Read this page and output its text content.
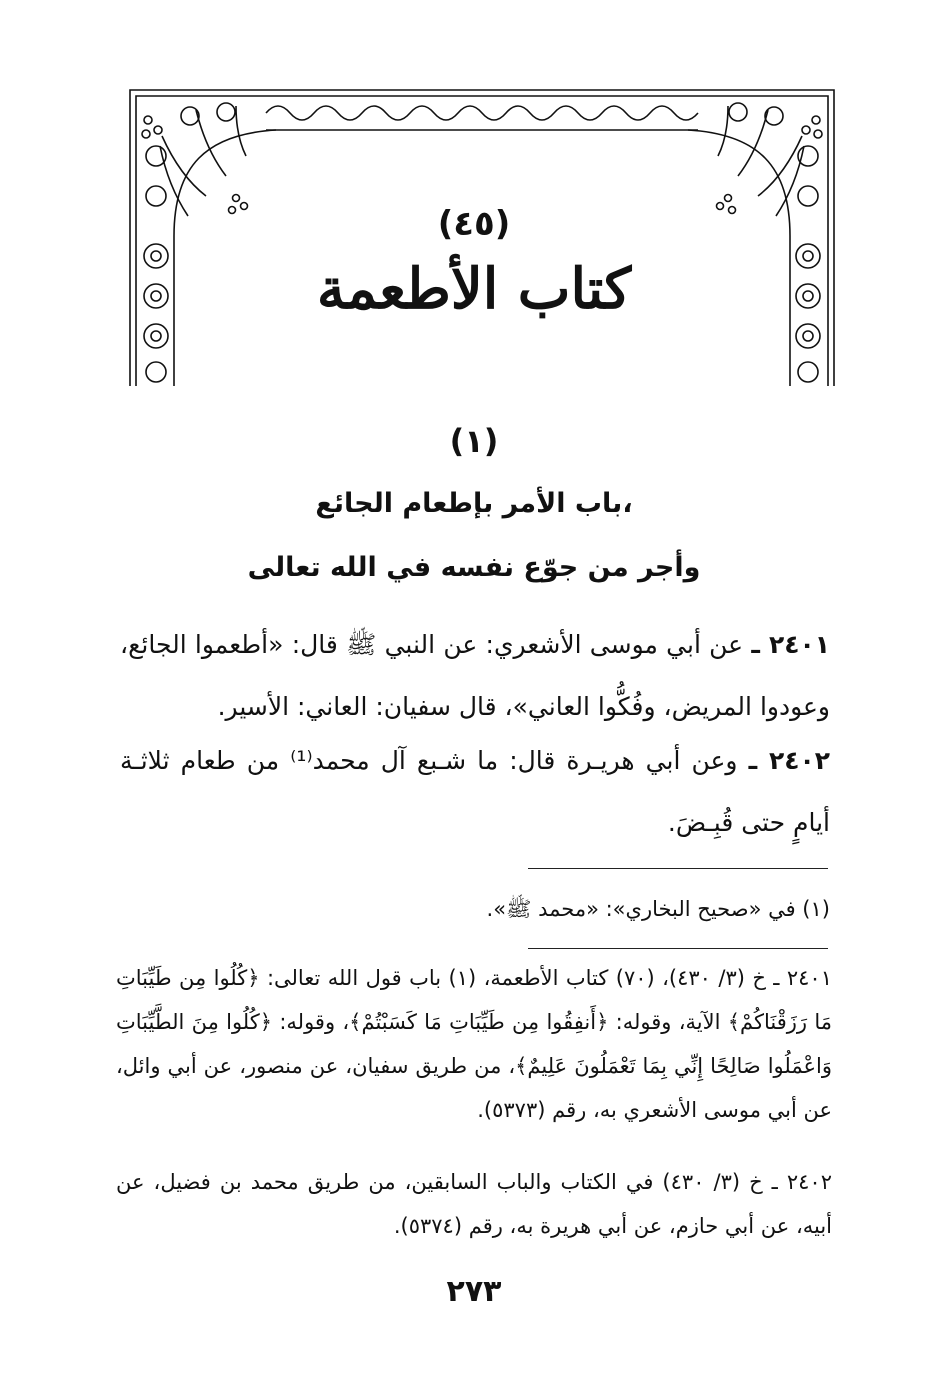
(٤٥)
كتاب الأطعمة
(١)
باب الأمر بإطعام الجائع،
وأجر من جوّع نفسه في الله تعالى
٢٤٠١ ـ عن أبي موسى الأشعري: عن النبي ﷺ قال: «أطعموا الجائع، وعودوا المريض، وفُكُّوا العاني»، قال سفيان: العاني: الأسير.
٢٤٠٢ ـ وعن أبي هريـرة قال: ما شـبع آل محمد⁽¹⁾ من طعام ثلاثـة أيامٍ حتى قُبِـضَ.
(١) في «صحيح البخاري»: «محمد ﷺ».
٢٤٠١ ـ خ (٣/ ٤٣٠)، (٧٠) كتاب الأطعمة، (١) باب قول الله تعالى: ﴿كُلُوا مِن طَيِّبَاتِ مَا رَزَقْنَاكُمْ﴾ الآية، وقوله: ﴿أَنفِقُوا مِن طَيِّبَاتِ مَا كَسَبْتُمْ﴾، وقوله: ﴿كُلُوا مِنَ الطَّيِّبَاتِ وَاعْمَلُوا صَالِحًا إِنِّي بِمَا تَعْمَلُونَ عَلِيمٌ﴾، من طريق سفيان، عن منصور، عن أبي وائل، عن أبي موسى الأشعري به، رقم (٥٣٧٣).
٢٤٠٢ ـ خ (٣/ ٤٣٠) في الكتاب والباب السابقين، من طريق محمد بن فضيل، عن أبيه، عن أبي حازم، عن أبي هريرة به، رقم (٥٣٧٤).
٢٧٣
